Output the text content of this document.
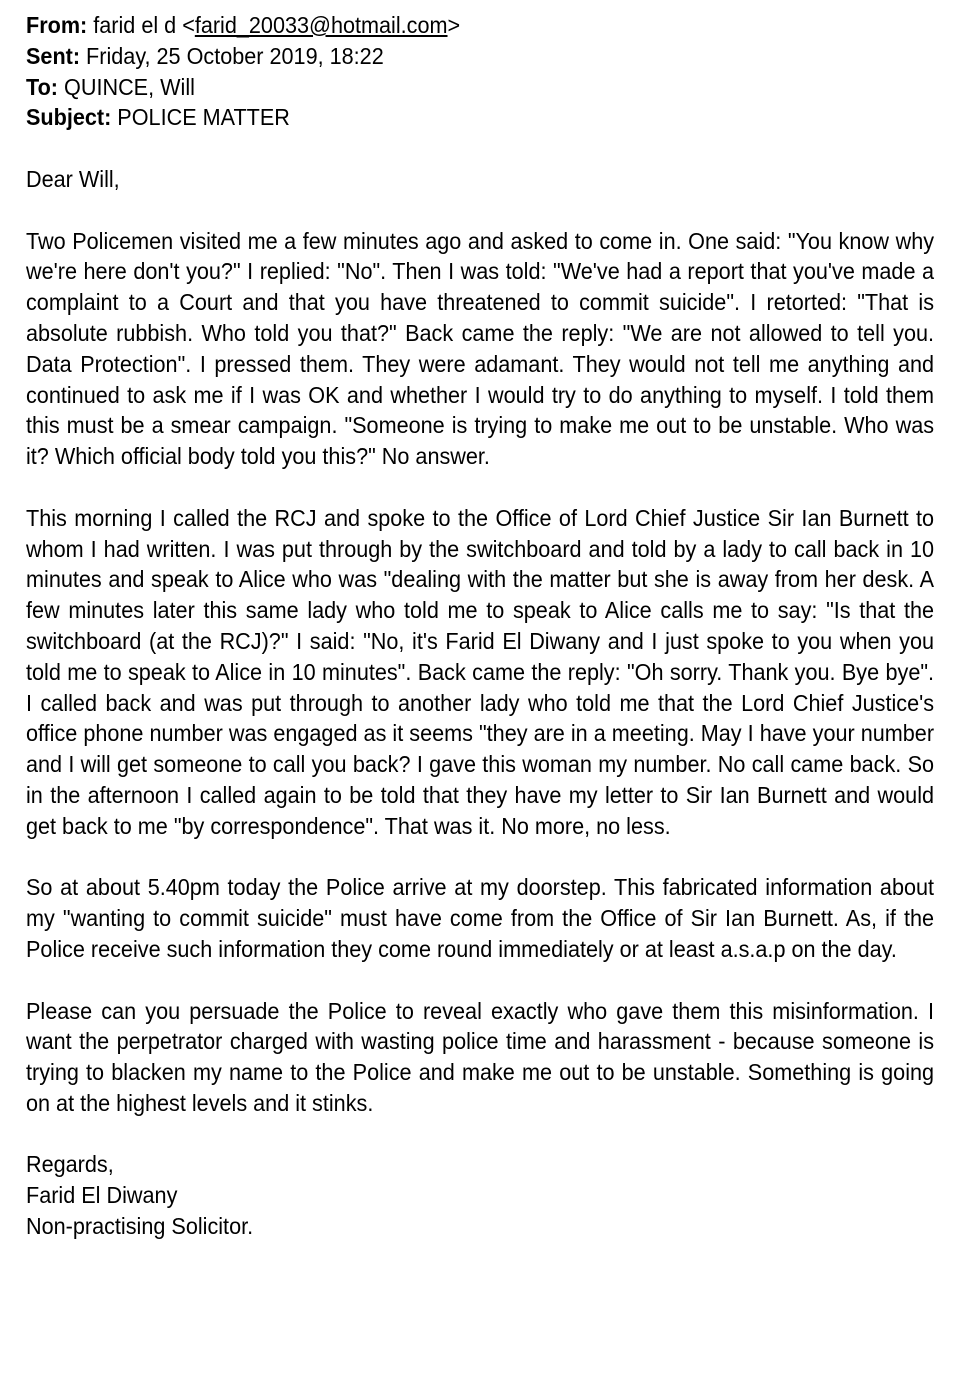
From: farid el d <farid_20033@hotmail.com>
Sent: Friday, 25 October 2019, 18:22
To: QUINCE, Will
Subject: POLICE MATTER

Dear Will,

Two Policemen visited me a few minutes ago and asked to come in. One said: "You know why we're here don't you?" I replied: "No". Then I was told: "We've had a report that you've made a complaint to a Court and that you have threatened to commit suicide". I retorted: "That is absolute rubbish. Who told you that?" Back came the reply: "We are not allowed to tell you. Data Protection". I pressed them. They were adamant. They would not tell me anything and continued to ask me if I was OK and whether I would try to do anything to myself. I told them this must be a smear campaign. "Someone is trying to make me out to be unstable. Who was it? Which official body told you this?" No answer.

This morning I called the RCJ and spoke to the Office of Lord Chief Justice Sir Ian Burnett to whom I had written. I was put through by the switchboard and told by a lady to call back in 10 minutes and speak to Alice who was "dealing with the matter but she is away from her desk. A few minutes later this same lady who told me to speak to Alice calls me to say: "Is that the switchboard (at the RCJ)?" I said: "No, it's Farid El Diwany and I just spoke to you when you told me to speak to Alice in 10 minutes". Back came the reply: "Oh sorry. Thank you. Bye bye". I called back and was put through to another lady who told me that the Lord Chief Justice's office phone number was engaged as it seems "they are in a meeting. May I have your number and I will get someone to call you back? I gave this woman my number. No call came back. So in the afternoon I called again to be told that they have my letter to Sir Ian Burnett and would get back to me "by correspondence". That was it. No more, no less.

So at about 5.40pm today the Police arrive at my doorstep. This fabricated information about my "wanting to commit suicide" must have come from the Office of Sir Ian Burnett. As, if the Police receive such information they come round immediately or at least a.s.a.p on the day.

Please can you persuade the Police to reveal exactly who gave them this misinformation. I want the perpetrator charged with wasting police time and harassment - because someone is trying to blacken my name to the Police and make me out to be unstable. Something is going on at the highest levels and it stinks.

Regards,

Farid El Diwany

Non-practising Solicitor.
